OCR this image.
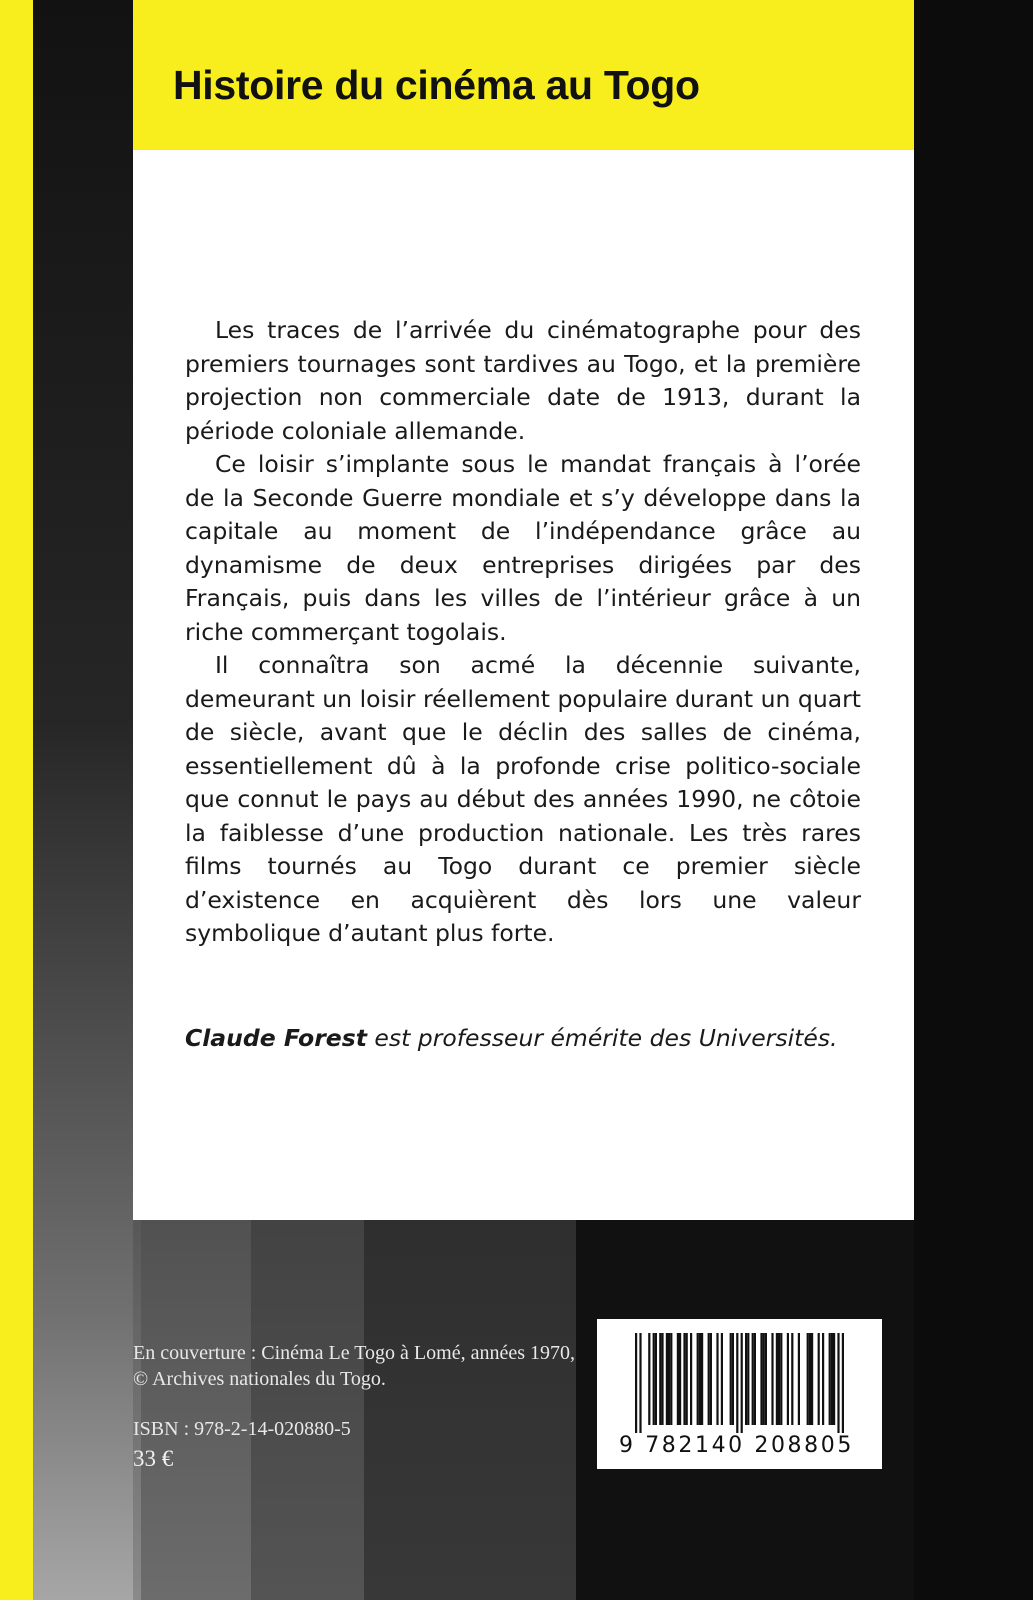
Histoire du cinéma au Togo

Les traces de l’arrivée du cinématographe pour des premiers tournages sont tardives au Togo, et la première projection non commerciale date de 1913, durant la période coloniale allemande.

Ce loisir s’implante sous le mandat français à l’orée de la Seconde Guerre mondiale et s’y développe dans la capitale au moment de l’indépendance grâce au dynamisme de deux entreprises dirigées par des Français, puis dans les villes de l’intérieur grâce à un riche commerçant togolais.

Il connaîtra son acmé la décennie suivante, demeurant un loisir réellement populaire durant un quart de siècle, avant que le déclin des salles de cinéma, essentiellement dû à la profonde crise politico-sociale que connut le pays au début des années 1990, ne côtoie la faiblesse d’une production nationale. Les très rares films tournés au Togo durant ce premier siècle d’existence en acquièrent dès lors une valeur symbolique d’autant plus forte.

Claude Forest est professeur émérite des Universités.

En couverture : Cinéma Le Togo à Lomé, années 1970,
© Archives nationales du Togo.
ISBN : 978-2-14-020880-5
33 €
9 782140 208805
